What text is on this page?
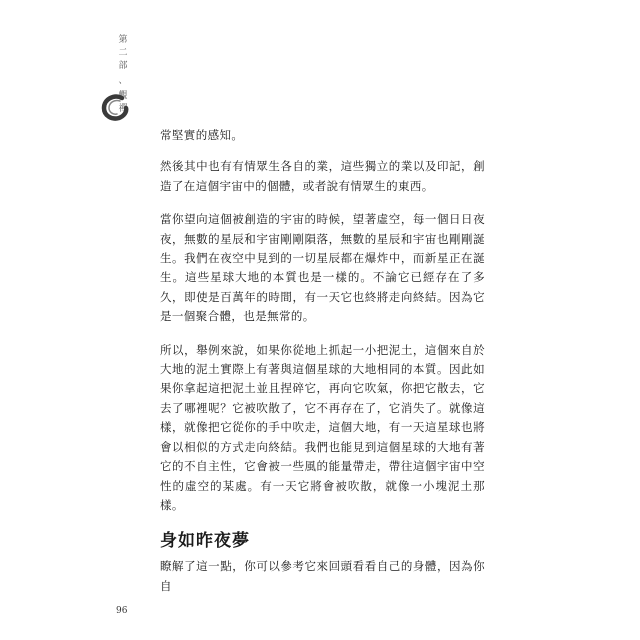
第二部
、
觀禪

常堅實的感知。

然後其中也有有情眾生各自的業，這些獨立的業以及印記，創造了在這個宇宙中的個體，或者說有情眾生的東西。

當你望向這個被創造的宇宙的時候，望著虛空，每一個日日夜夜，無數的星辰和宇宙剛剛隕落，無數的星辰和宇宙也剛剛誕生。我們在夜空中見到的一切星辰都在爆炸中，而新星正在誕生。這些星球大地的本質也是一樣的。不論它已經存在了多久，即使是百萬年的時間，有一天它也終將走向終結。因為它是一個聚合體，也是無常的。

所以，舉例來說，如果你從地上抓起一小把泥土，這個來自於大地的泥土實際上有著與這個星球的大地相同的本質。因此如果你拿起這把泥土並且捏碎它，再向它吹氣，你把它散去，它去了哪裡呢？它被吹散了，它不再存在了，它消失了。就像這樣，就像把它從你的手中吹走，這個大地，有一天這星球也將會以相似的方式走向終結。我們也能見到這個星球的大地有著它的不自主性，它會被一些風的能量帶走，帶往這個宇宙中空性的虛空的某處。有一天它將會被吹散，就像一小塊泥土那樣。

身如昨夜夢

瞭解了這一點，你可以參考它來回頭看看自己的身體，因為你自

96
